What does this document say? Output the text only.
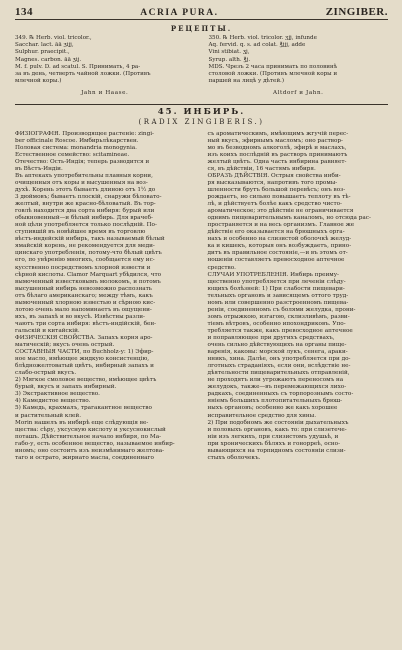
134	ACRIA PURA.	ZINGIBER.
РЕЦЕПТЫ.
349. ℞ Herb. viol. tricolor.,
Sacchar. lact. āā ʒijj,
Sulphur. praecipit.,
Magnes. carbon. āā ʒij.
M. f. pulv. D. ad scatul. S. Принимать, 4 ра-
за въ день, четверть чайной ложки. (Противъ
млечной коры.)
Jahn и Haase.
350. ℞ Herb. viol. tricolor. ʒjj, infunde
Aq. fervid. q. s. ad colat. ℥jjj, adde
Vini stibiat. ʒj,
Syrup. alth. ℥j.
MDS. Чрезъ 2 часа принимать по половинѣ
столовой ложки. (Противъ млечной коры и
паршей на лицѣ у дѣтей.)
Altdorf и Jahn.
45. ИНБИРЬ.
(RADIX ZINGIBERIS.)
ФИЗІОГРАФІЯ. Производящее растеніе: zingi-
ber officinale Roscoe. Имбирьлѣкарствен.
Половая система: monandria monogynia.
Естественное семейство: scitamineae.
Отечество: Ость-Индія; теперь разводится и
въ Вѣстъ-Индіи.
Въ аптекахъ употребительны плавныя корни,
очищенныя отъ коры и высушенныя на воз-
духѣ. Корень этотъ бываетъ длиною отъ 1½ до
3 дюймовъ; бываетъ плоскій, снаружи бѣловато-
желтый, внутри же красно-бѣловатый. Въ тор-
говлѣ находится два сорта инбиря: бурый или
обыкновенный—и бѣлый инбирь. Для врачеб-
ной цѣли употребляется только послѣдній. По-
ступившій въ новѣйшее время въ торговлю
вѣстъ-индейскій инбирь, такъ называемый бѣлый
ямайскій корень, не рекомендуется для меди-
цинскаго употребленія, потому-что бѣлый цвѣтъ
его, по увѣренію многихъ, сообщается ему ис-
кусственно посредствомъ хлорной извести и
сѣрной кислоты. Clamor Marquart убѣдился, что
вымоченный известковымъ молокомъ, и потомъ
высушенный инбирь невозможно распознать
отъ бѣлаго американскаго; между тѣмъ, какъ
вымоченный хлорною известью и сѣрною кис-
лотою очень мало напоминаетъ въ ощущени-
ихъ, въ запахѣ и во вкусѣ. Извѣстны разли-
чаютъ три сорта инбиря: вѣстъ-индійскій, бен-
гальскій и китайскій.
ФИЗИЧЕСКІЯ СВОЙСТВА. Запахъ корня аро-
матическій; вкусъ очень острый.
СОСТАВНЫЯ ЧАСТИ, по Buchholz-у: 1) Эфир-
ное масло, имѣющее жидкую консистенцію,
блѣдножелтоватый цвѣтъ, инбирный запахъ и
слабо-острый вкусъ.
2) Мягкое смоловое вещество, имѣющее цвѣтъ
бурый, вкусъ и запахъ инбирный.
3) Экстрактивное вещество.
4) Камедистое вещество.
5) Камедь, крахмалъ, трагакантное вещество
и растительный клей.
Morin нашелъ въ инбирѣ еще слѣдующія ве-
щества: сѣру, уксусную кислоту и уксуснокислый
поташъ. Дѣйствительное начало инбиря, по Ма-
габо-у, есть особенное вещество, называемое инбир-
иномъ; оно состоитъ изъ неизмѣнимаго желтова-
таго и острато, жирнато масла, соединеннаго
съ ароматическимъ, имѣющимъ жгучій перес-
ный вкусъ, эфирнымъ масломъ; оно раствор-
мо въ безводномъ алкоголѣ, эфирѣ и маслахъ,
изъ коихъ послѣдній въ растворъ принимаютъ
желтый цвѣтъ. Одна часть инбирина равняет-
ся, въ дѣйствіи, 16 частямъ инбиря.
ОБРАЗЪ ДѢЙСТВІЯ. Острыя свойства инби-
ря высказываются, напротивъ того промы-
шленности брутъ большой перевѣсъ; онъ воз-
рождаетъ, но сильно повышаетъ теплоту въ тѣ-
лѣ, и дѣйствуетъ болѣе какъ средство чисто-
ароматическое; это дѣйствіе не ограничивается
однимъ пищеварительнымъ каналомъ, но отсюда рас-
пространяется и на весь организмъ. Главное же
дѣйствіе его оказывается на брюшныхъ орга-
нахъ и особенно на слизистой оболочкѣ желуд-
ка и кишекъ, которыя онъ возбуждаетъ, прино-
дитъ въ правильное состояніе,—и въ этомъ от-
ношеніи составляетъ превосходное аптечное
средство.
СЛУЧАИ УПОТРЕБЛЕНІЯ. Инбирь преиму-
щественно употребляется при леченіи слѣду-
ющихъ болѣзней: 1) При слабости пищевари-
тельныхъ органовъ и зависящемъ оттого труд-
номъ или совершенно разстроенномъ пищева-
реніи, соединенномъ съ болями желудка, прони-
зомъ отрыжкою, изгагою, склизливѣмъ, разви-
тіемъ вѣтровъ, особенно ипохондриковъ. Упо-
требляется также, какъ превосходное аптечное
и поправляющее при другихъ средствахъ,
очень сильно дѣйствующихъ на органы пище-
варенія, каковы: морской лукъ, сенега, араки-
нникъ, хина. Далѣе, онъ употребляется при до-
лготныхъ страданіяхъ, если они, вслѣдствіе не-
дѣятельности пищеварительныхъ отправленій,
не проходятъ или угрожаютъ переносомъ на
желудокъ, также—въ перемежающихся лихо-
радкахъ, соединенныхъ съ торпорознымъ состо-
яніемъ большихъ плотопитательныхъ брюш-
ныхъ органовъ; особенно же какъ хорошее
исправительное средство для хины.
2) При подобномъ же состояніи дыхательныхъ
и половыхъ органовъ, какъ то: при слизетече-
ніи изъ легкихъ, при слизистомъ удушьѣ, и
при хроническихъ бѣляхъ и гонорреѣ, осно-
вывающихся на торпидномъ состояніи слизи-
стыхъ оболочекъ.
